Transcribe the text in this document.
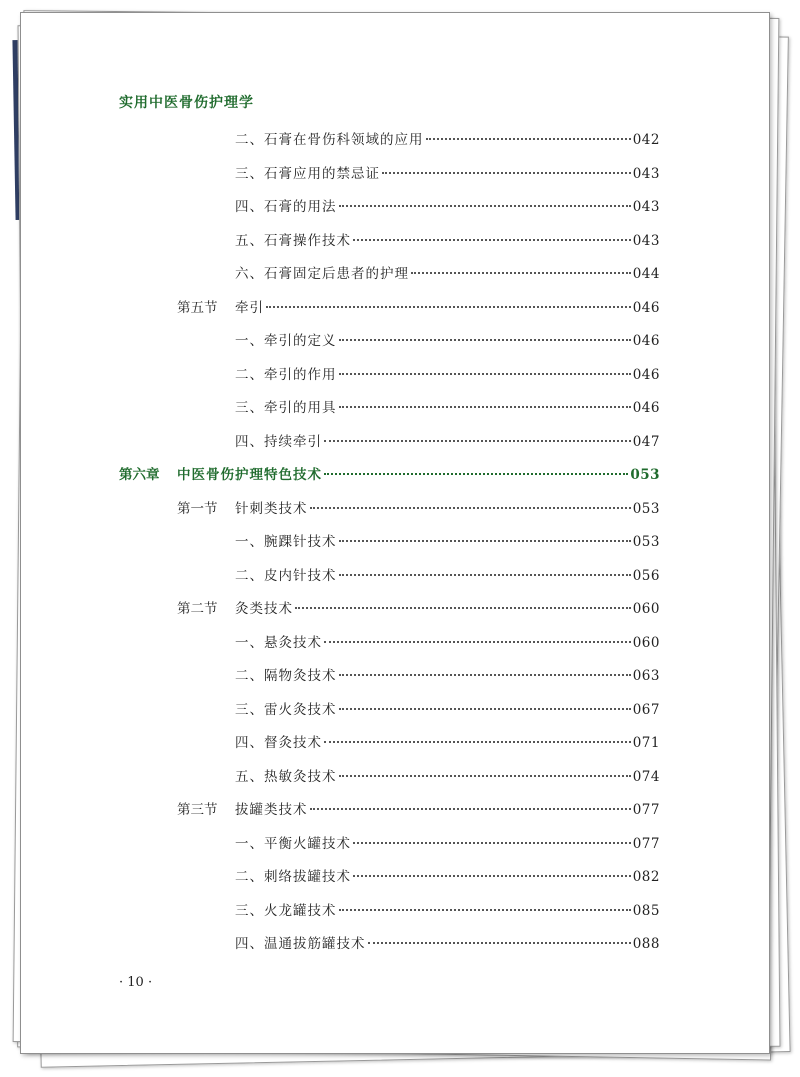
实用中医骨伤护理学
二、石膏在骨伤科领域的应用	042
三、石膏应用的禁忌证	043
四、石膏的用法	043
五、石膏操作技术	043
六、石膏固定后患者的护理	044
第五节	牵引	046
一、牵引的定义	046
二、牵引的作用	046
三、牵引的用具	046
四、持续牵引	047
第六章	中医骨伤护理特色技术	053
第一节	针刺类技术	053
一、腕踝针技术	053
二、皮内针技术	056
第二节	灸类技术	060
一、悬灸技术	060
二、隔物灸技术	063
三、雷火灸技术	067
四、督灸技术	071
五、热敏灸技术	074
第三节	拔罐类技术	077
一、平衡火罐技术	077
二、刺络拔罐技术	082
三、火龙罐技术	085
四、温通拔筋罐技术	088
· 10 ·
